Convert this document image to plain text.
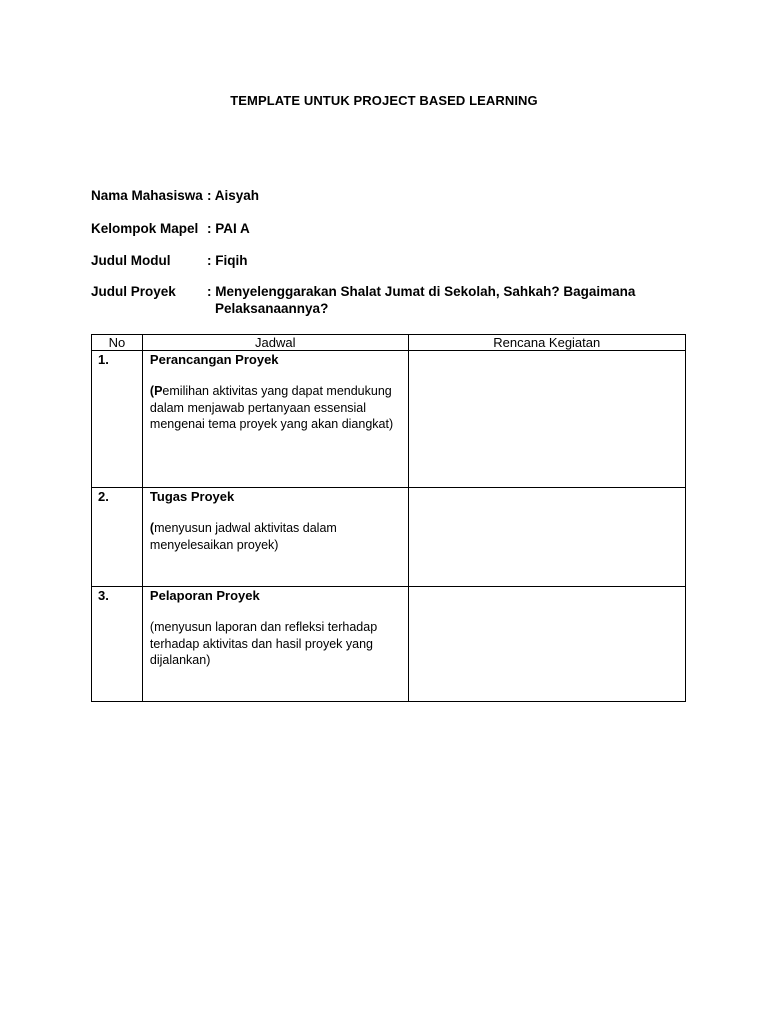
TEMPLATE UNTUK PROJECT BASED LEARNING
Nama Mahasiswa : Aisyah
Kelompok Mapel : PAI A
Judul Modul	: Fiqih
Judul Proyek : Menyelenggarakan Shalat Jumat di Sekolah, Sahkah? Bagaimana
Pelaksanaannya?
No	Jadwal	Rencana Kegiatan
1.	Perancangan Proyek
(Pemilihan aktivitas yang dapat mendukung dalam menjawab pertanyaan essensial mengenai tema proyek yang akan diangkat)	

2.	Tugas Proyek
(menyusun jadwal aktivitas dalam menyelesaikan proyek)	

3.	Pelaporan Proyek
(menyusun laporan dan refleksi terhadap terhadap aktivitas dan hasil proyek yang dijalankan)	
